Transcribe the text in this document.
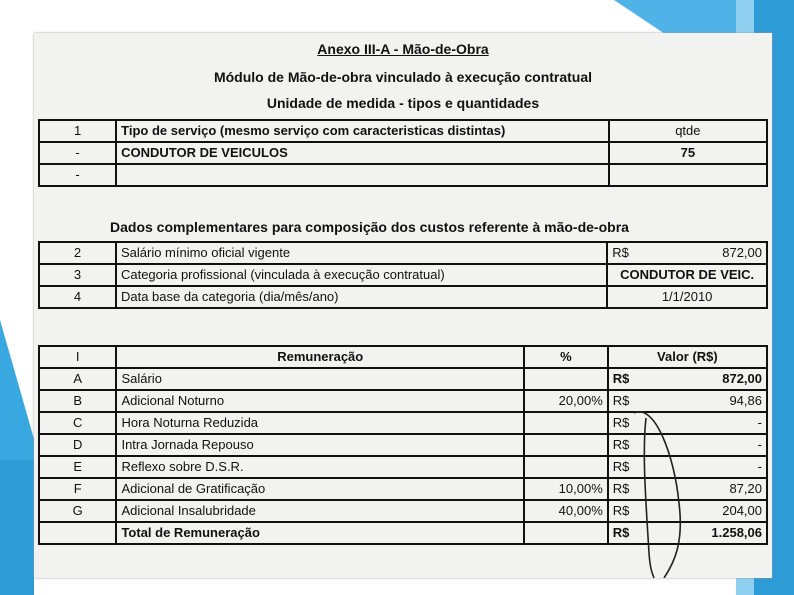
Anexo III-A - Mão-de-Obra
Módulo de Mão-de-obra vinculado à execução contratual
Unidade de medida - tipos e quantidades
1	Tipo de serviço (mesmo serviço com caracteristicas distintas)	qtde
-	CONDUTOR DE VEICULOS	75
-		
Dados complementares para composição dos custos referente à mão-de-obra
2	Salário mínimo oficial vigente	R$ 872,00

3	Categoria profissional (vinculada à execução contratual)	CONDUTOR DE VEIC.
4	Data base da categoria (dia/mês/ano)	1/1/2010
I	Remuneração	%	Valor (R$)
A	Salário		R$ 872,00

B	Adicional Noturno	20,00%	R$ 94,86

C	Hora Noturna Reduzida		R$ -

D	Intra Jornada Repouso		R$ -

E	Reflexo sobre D.S.R.		R$ -

F	Adicional de Gratificação	10,00%	R$ 87,20

G	Adicional Insalubridade	40,00%	R$ 204,00

	Total de Remuneração		R$ 1.258,06
